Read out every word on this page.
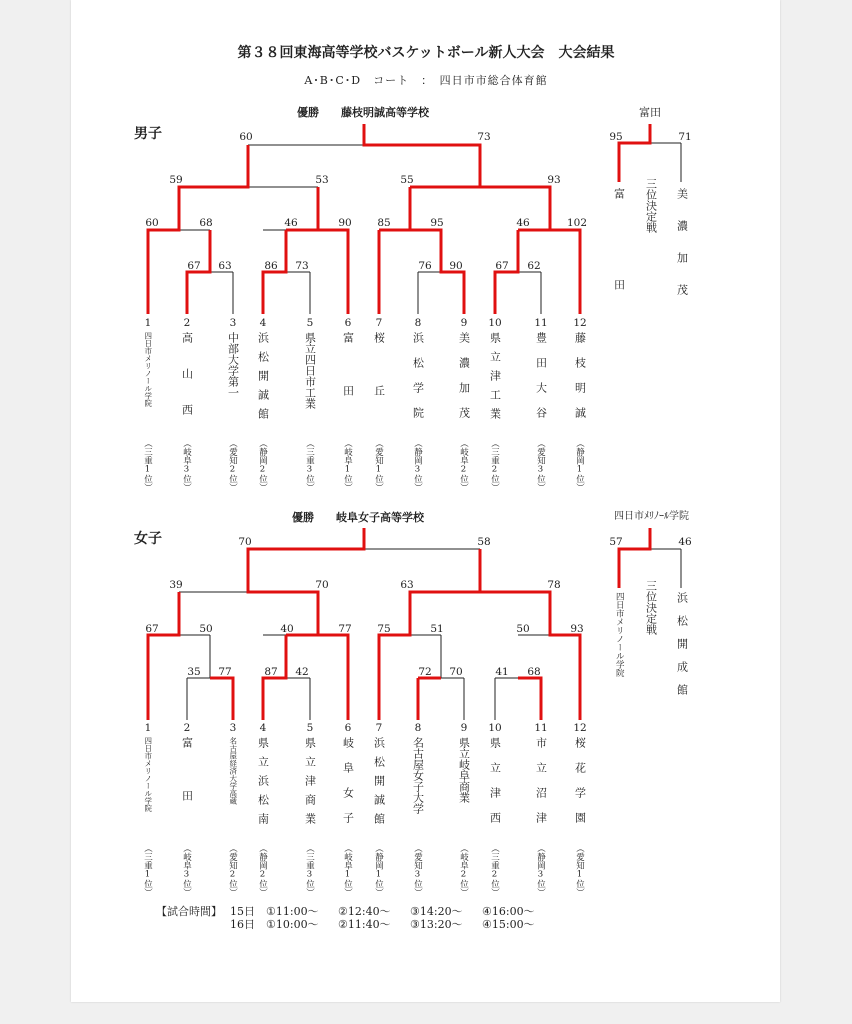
第３８回東海高等学校バスケットボール新人大会　大会結果
A･B･C･D　コート　：　四日市市総合体育館
優勝 藤枝明誠高等学校
男子
富田
60	73
59	53	55	93
60	68	46	90 85	95	46	102
67 63	86 73	76 90	67 62
95	71
三位決定戦
富田	美濃加茂
1
四日市メリノール学院
（三重1位）
2
高山西
（岐阜3位）
3
中部大学第一
（愛知2位）
4
浜松開誠館
（静岡2位）
5
県立四日市工業
（三重3位）
6
富田
（岐阜1位）
7
桜丘
（愛知1位）
8
浜松学院
（静岡3位）
9
美濃加茂
（岐阜2位）
10
県立津工業
（三重2位）
11
豊田大谷
（愛知3位）
12
藤枝明誠
（静岡1位）
優勝 岐阜女子高等学校
女子
四日市ﾒﾘﾉｰﾙ学院
70	58
39	70	63	78
67	50	40	77 75	51	50	93
35 77	87 42	72 70	41 68
57	46
三位決定戦
四日市メリノール学院	浜松開成館
1
四日市メリノール学院
（三重1位）
2
富田
（岐阜3位）
3
名古屋経済大学高蔵
（愛知2位）
4
県立浜松南
（静岡2位）
5
県立津商業
（三重3位）
6
岐阜女子
（岐阜1位）
7
浜松開誠館
（静岡1位）
8
名古屋女子大学
（愛知3位）
9
県立岐阜商業
（岐阜2位）
10
県立津西
（三重2位）
11
市立沼津
（静岡3位）
12
桜花学園
（愛知1位）
【試合時間】 15日 ①11:00～ ②12:40～ ③14:20～ ④16:00～
16日 ①10:00～ ②11:40～ ③13:20～ ④15:00～
